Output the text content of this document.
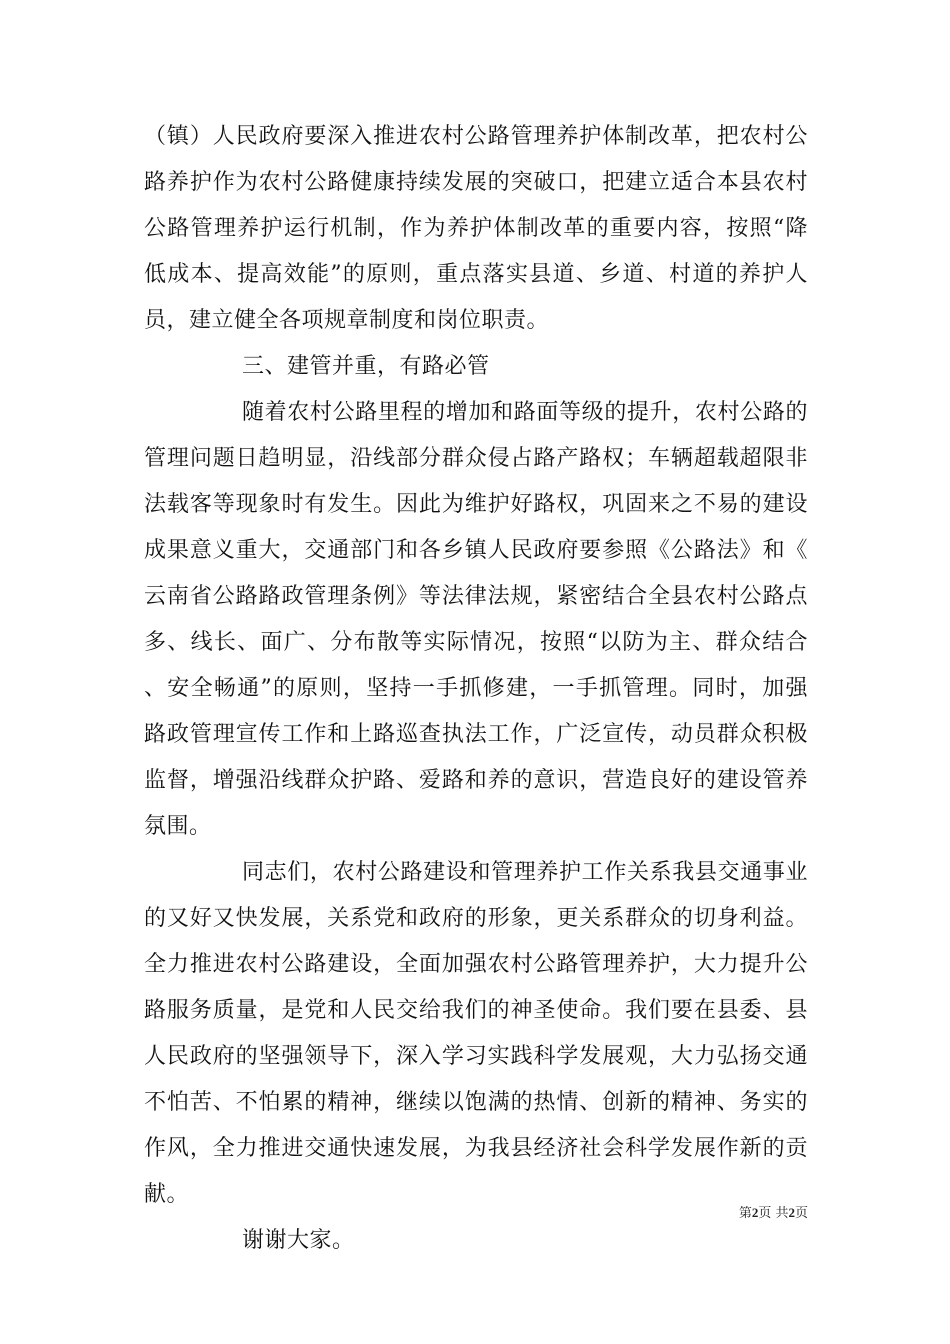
（镇）人民政府要深入推进农村公路管理养护体制改革，把农村公路养护作为农村公路健康持续发展的突破口，把建立适合本县农村公路管理养护运行机制，作为养护体制改革的重要内容，按照“降低成本、提高效能”的原则，重点落实县道、乡道、村道的养护人员，建立健全各项规章制度和岗位职责。

三、建管并重，有路必管

随着农村公路里程的增加和路面等级的提升，农村公路的管理问题日趋明显，沿线部分群众侵占路产路权；车辆超载超限非法载客等现象时有发生。因此为维护好路权，巩固来之不易的建设成果意义重大，交通部门和各乡镇人民政府要参照《公路法》和《云南省公路路政管理条例》等法律法规，紧密结合全县农村公路点多、线长、面广、分布散等实际情况，按照“以防为主、群众结合、安全畅通”的原则，坚持一手抓修建，一手抓管理。同时，加强路政管理宣传工作和上路巡查执法工作，广泛宣传，动员群众积极监督，增强沿线群众护路、爱路和养的意识，营造良好的建设管养氛围。

同志们，农村公路建设和管理养护工作关系我县交通事业的又好又快发展，关系党和政府的形象，更关系群众的切身利益。全力推进农村公路建设，全面加强农村公路管理养护，大力提升公路服务质量，是党和人民交给我们的神圣使命。我们要在县委、县人民政府的坚强领导下，深入学习实践科学发展观，大力弘扬交通不怕苦、不怕累的精神，继续以饱满的热情、创新的精神、务实的作风，全力推进交通快速发展，为我县经济社会科学发展作新的贡献。

谢谢大家。

第2页 共2页
